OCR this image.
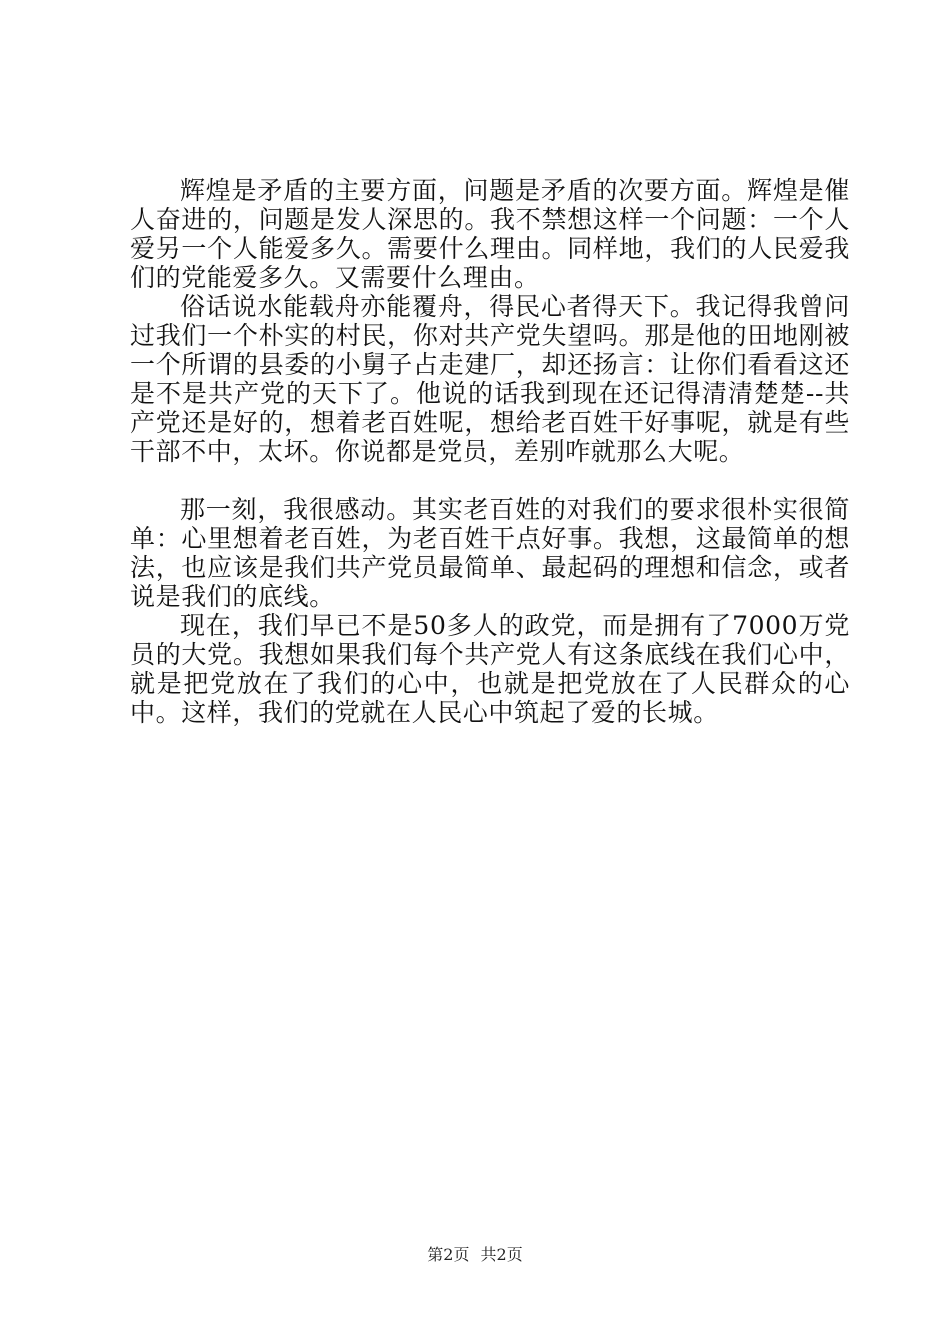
辉煌是矛盾的主要方面，问题是矛盾的次要方面。辉煌是催人奋进的，问题是发人深思的。我不禁想这样一个问题：一个人爱另一个人能爱多久。需要什么理由。同样地，我们的人民爱我们的党能爱多久。又需要什么理由。

俗话说水能载舟亦能覆舟，得民心者得天下。我记得我曾问过我们一个朴实的村民，你对共产党失望吗。那是他的田地刚被一个所谓的县委的小舅子占走建厂，却还扬言：让你们看看这还是不是共产党的天下了。他说的话我到现在还记得清清楚楚--共产党还是好的，想着老百姓呢，想给老百姓干好事呢，就是有些干部不中，太坏。你说都是党员，差别咋就那么大呢。

那一刻，我很感动。其实老百姓的对我们的要求很朴实很简单：心里想着老百姓，为老百姓干点好事。我想，这最简单的想法，也应该是我们共产党员最简单、最起码的理想和信念，或者说是我们的底线。

现在，我们早已不是50多人的政党，而是拥有了7000万党员的大党。我想如果我们每个共产党人有这条底线在我们心中，就是把党放在了我们的心中，也就是把党放在了人民群众的心中。这样，我们的党就在人民心中筑起了爱的长城。

第2页 共2页
